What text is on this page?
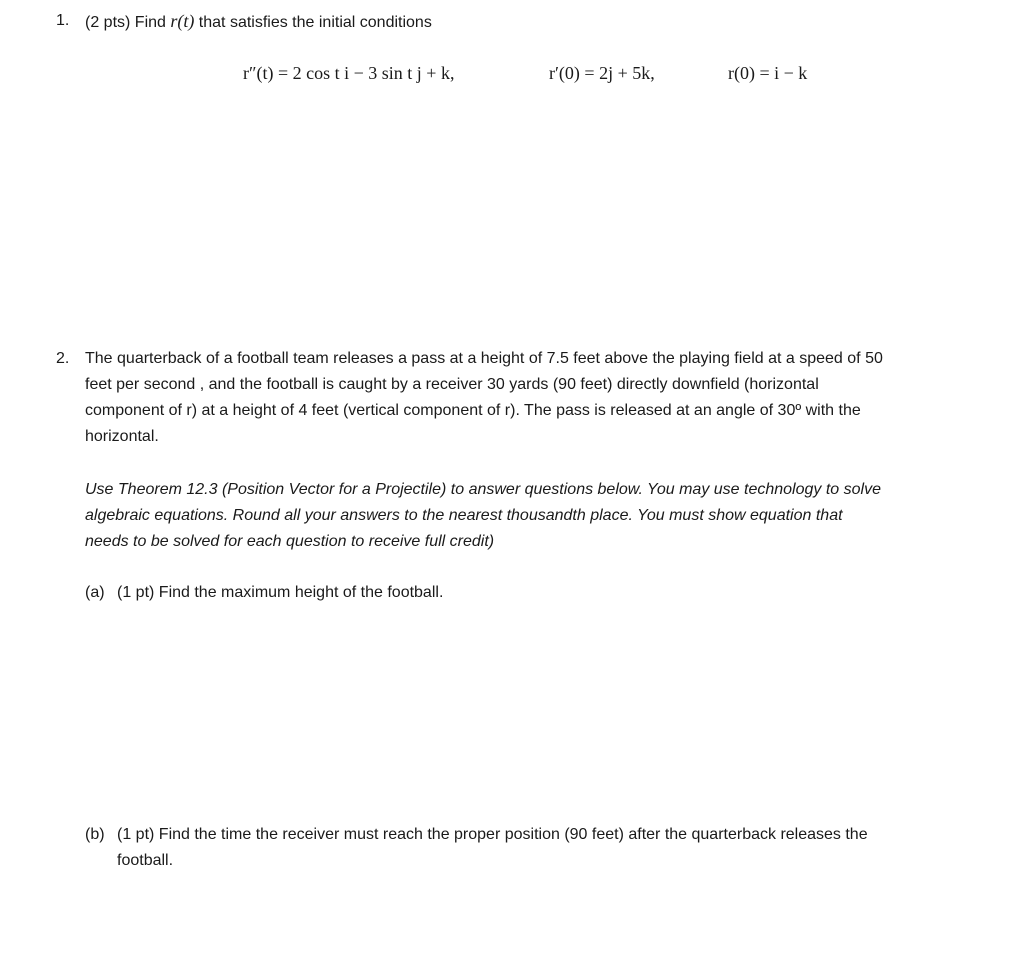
1. (2 pts) Find r(t) that satisfies the initial conditions
r″(t) = 2 cos t i − 3 sin t j + k,	r′(0) = 2j + 5k,	r(0) = i − k
2. The quarterback of a football team releases a pass at a height of 7.5 feet above the playing field at a speed of 50

feet per second , and the football is caught by a receiver 30 yards (90 feet) directly downfield (horizontal

component of r) at a height of 4 feet (vertical component of r). The pass is released at an angle of 30º with the

horizontal.

Use Theorem 12.3 (Position Vector for a Projectile) to answer questions below. You may use technology to solve

algebraic equations. Round all your answers to the nearest thousandth place. You must show equation that

needs to be solved for each question to receive full credit)

(a) (1 pt) Find the maximum height of the football.
(b) (1 pt) Find the time the receiver must reach the proper position (90 feet) after the quarterback releases the

football.
